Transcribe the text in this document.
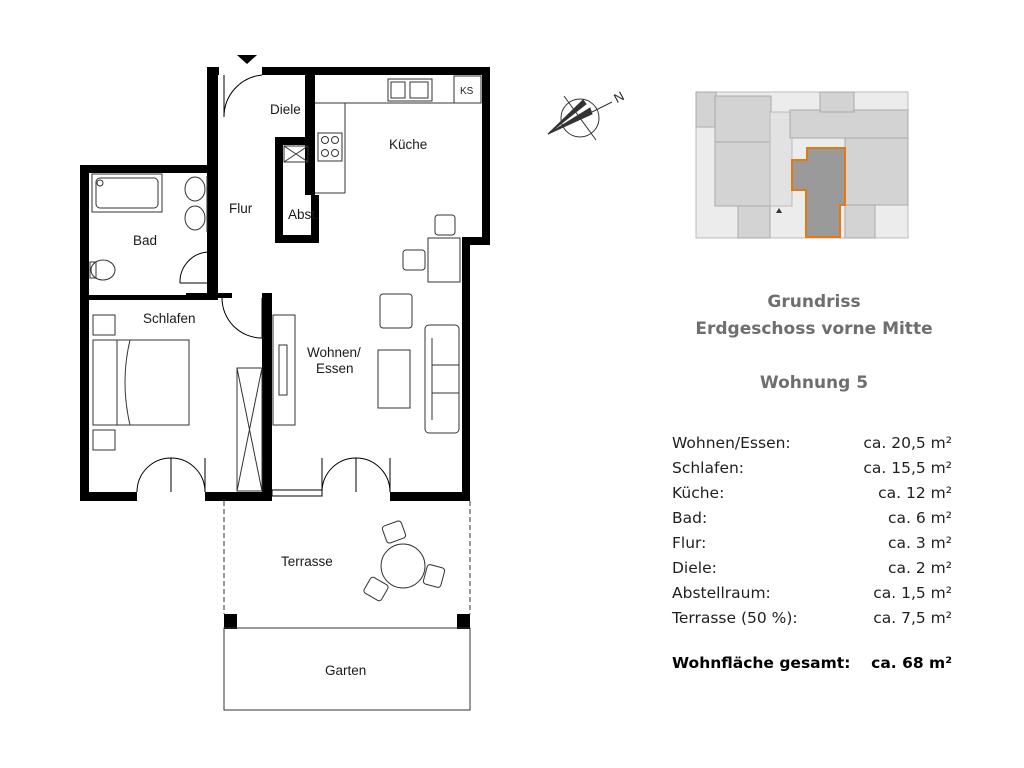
KS
Diele
Küche
Flur	Abst.
Bad
Schlafen
Wohnen/
Essen
Terrasse
Garten
N
Grundriss
Erdgeschoss vorne Mitte
Wohnung 5
Wohnen/Essen:	ca. 20,5 m²
Schlafen:	ca. 15,5 m²
Küche:	ca. 12 m²
Bad:	ca. 6 m²
Flur:	ca. 3 m²
Diele:	ca. 2 m²
Abstellraum:	ca. 1,5 m²
Terrasse (50 %):	ca. 7,5 m²
Wohnfläche gesamt: ca. 68 m²
